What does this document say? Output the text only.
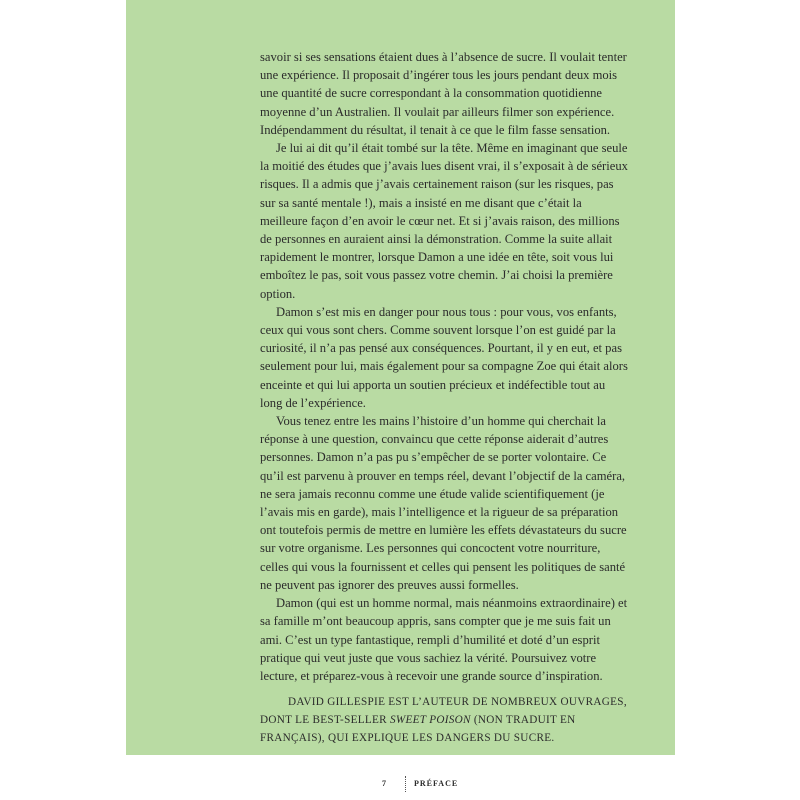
savoir si ses sensations étaient dues à l’absence de sucre. Il voulait tenter une expérience. Il proposait d’ingérer tous les jours pendant deux mois une quantité de sucre correspondant à la consommation quotidienne moyenne d’un Australien. Il voulait par ailleurs filmer son expérience. Indépendamment du résultat, il tenait à ce que le film fasse sensation.

Je lui ai dit qu’il était tombé sur la tête. Même en imaginant que seule la moitié des études que j’avais lues disent vrai, il s’exposait à de sérieux risques. Il a admis que j’avais certainement raison (sur les risques, pas sur sa santé mentale !), mais a insisté en me disant que c’était la meilleure façon d’en avoir le cœur net. Et si j’avais raison, des millions de personnes en auraient ainsi la démonstration. Comme la suite allait rapidement le montrer, lorsque Damon a une idée en tête, soit vous lui emboîtez le pas, soit vous passez votre chemin. J’ai choisi la première option.

Damon s’est mis en danger pour nous tous : pour vous, vos enfants, ceux qui vous sont chers. Comme souvent lorsque l’on est guidé par la curiosité, il n’a pas pensé aux conséquences. Pourtant, il y en eut, et pas seulement pour lui, mais également pour sa compagne Zoe qui était alors enceinte et qui lui apporta un soutien précieux et indéfectible tout au long de l’expérience.

Vous tenez entre les mains l’histoire d’un homme qui cherchait la réponse à une question, convaincu que cette réponse aiderait d’autres personnes. Damon n’a pas pu s’empêcher de se porter volontaire. Ce qu’il est parvenu à prouver en temps réel, devant l’objectif de la caméra, ne sera jamais reconnu comme une étude valide scientifiquement (je l’avais mis en garde), mais l’intelligence et la rigueur de sa préparation ont toutefois permis de mettre en lumière les effets dévastateurs du sucre sur votre organisme. Les personnes qui concoctent votre nourriture, celles qui vous la fournissent et celles qui pensent les politiques de santé ne peuvent pas ignorer des preuves aussi formelles.

Damon (qui est un homme normal, mais néanmoins extraordinaire) et sa famille m’ont beaucoup appris, sans compter que je me suis fait un ami. C’est un type fantastique, rempli d’humilité et doté d’un esprit pratique qui veut juste que vous sachiez la vérité. Poursuivez votre lecture, et préparez-vous à recevoir une grande source d’inspiration.

DAVID GILLESPIE EST L’AUTEUR DE NOMBREUX OUVRAGES, DONT LE BEST-SELLER SWEET POISON (NON TRADUIT EN FRANÇAIS), QUI EXPLIQUE LES DANGERS DU SUCRE.

7	PRÉFACE
